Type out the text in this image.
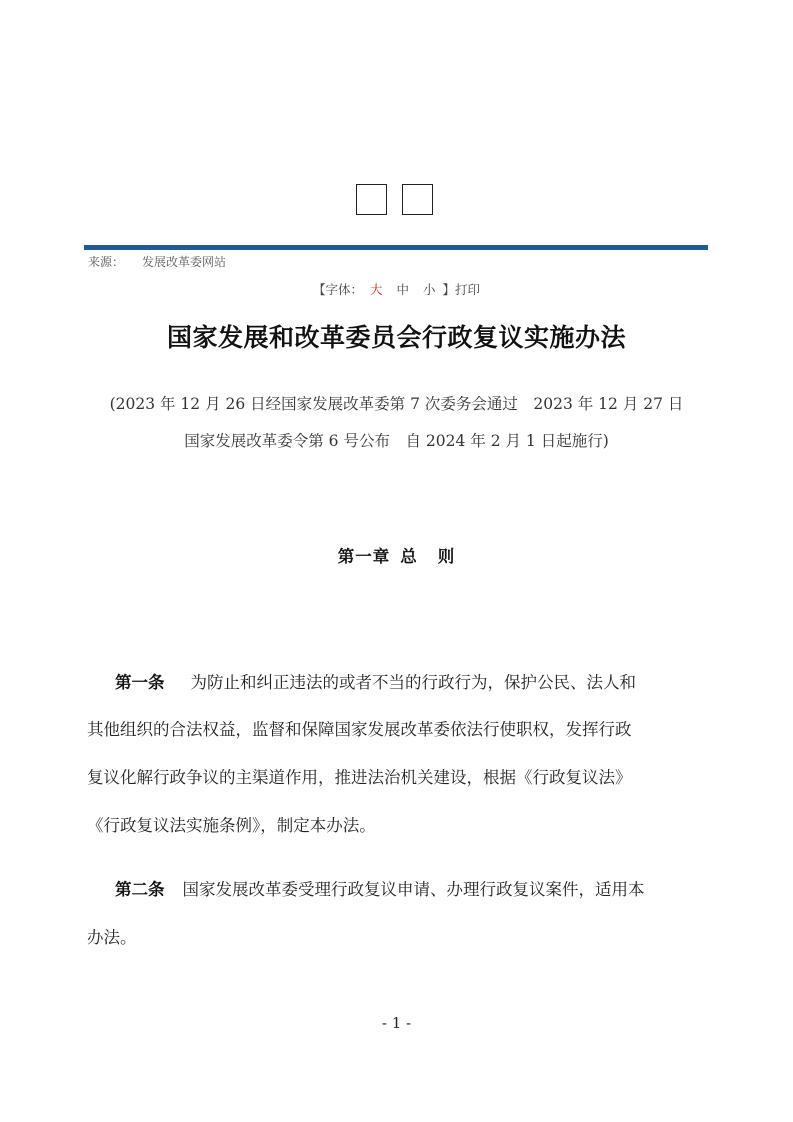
来源： 发展改革委网站
【字体： 大 中 小 】打印
国家发展和改革委员会行政复议实施办法
(2023 年 12 月 26 日经国家发展改革委第 7 次委务会通过　2023 年 12 月 27 日
国家发展改革委令第 6 号公布　自 2024 年 2 月 1 日起施行)
第一章 总 则
第一条 为防止和纠正违法的或者不当的行政行为，保护公民、法人和
其他组织的合法权益，监督和保障国家发展改革委依法行使职权，发挥行政
复议化解行政争议的主渠道作用，推进法治机关建设，根据《行政复议法》
《行政复议法实施条例》，制定本办法。
第二条 国家发展改革委受理行政复议申请、办理行政复议案件，适用本
办法。
- 1 -
